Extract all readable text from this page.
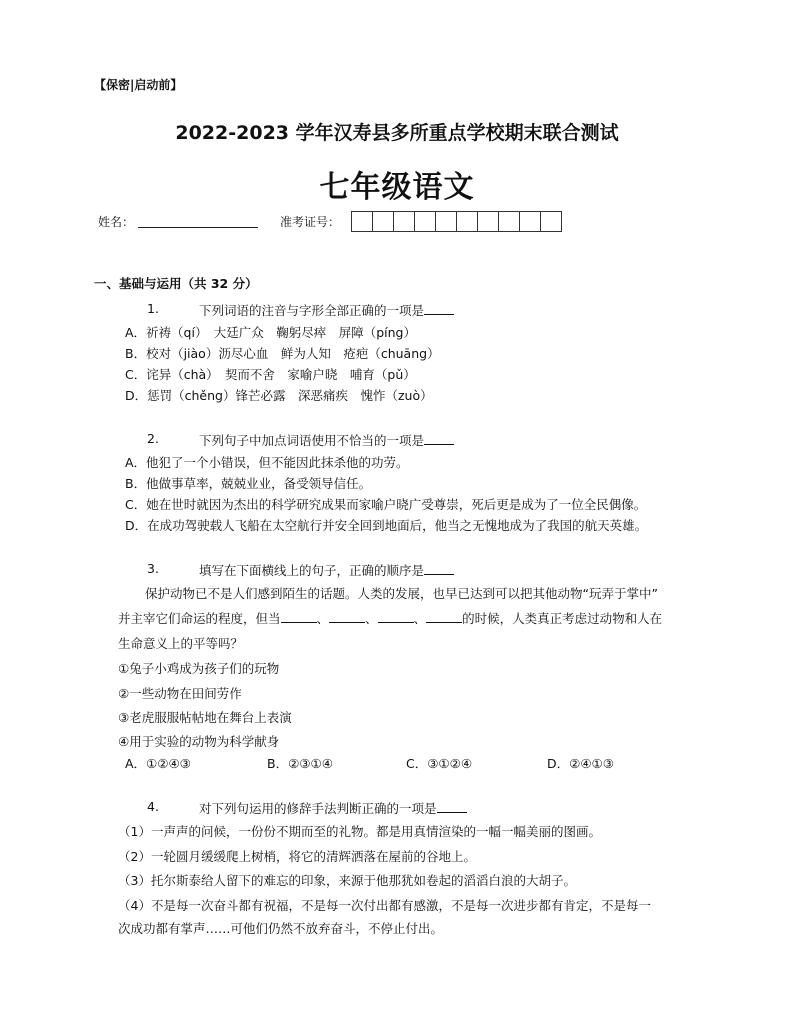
【保密|启动前】
2022-2023 学年汉寿县多所重点学校期末联合测试
七年级语文
姓名：	准考证号：
一、基础与运用（共 32 分）
1.	下列词语的注音与字形全部正确的一项是
A．祈祷（qí）　大廷广众　鞠躬尽瘁　屏障（píng）
B．校对（jiào）沥尽心血　鲜为人知　疮疤（chuāng）
C．诧异（chà）　契而不舍　家喻户晓　哺育（pǔ）
D．惩罚（chěng）锋芒必露　深恶痛疾　愧怍（zuò）
2.	下列句子中加点词语使用不恰当的一项是
A．他犯了一个小错误，但不能因此抹杀他的功劳。
B．他做事草率，兢兢业业，备受领导信任。
C．她在世时就因为杰出的科学研究成果而家喻户晓广受尊崇，死后更是成为了一位全民偶像。
D．在成功驾驶载人飞船在太空航行并安全回到地面后，他当之无愧地成为了我国的航天英雄。
3.	填写在下面横线上的句子，正确的顺序是
保护动物已不是人们感到陌生的话题。人类的发展，也早已达到可以把其他动物“玩弄于掌中”
并主宰它们命运的程度，但当	、	、	、	的时候，人类真正考虑过动物和人在
生命意义上的平等吗？
①兔子小鸡成为孩子们的玩物
②一些动物在田间劳作
③老虎服服帖帖地在舞台上表演
④用于实验的动物为科学献身
A．①②④③	B．②③①④	C．③①②④	D．②④①③
4.	对下列句运用的修辞手法判断正确的一项是
（1）一声声的问候，一份份不期而至的礼物。都是用真情渲染的一幅一幅美丽的图画。
（2）一轮圆月缓缓爬上树梢，将它的清辉洒落在屋前的谷地上。
（3）托尔斯泰给人留下的难忘的印象，来源于他那犹如卷起的滔滔白浪的大胡子。
（4）不是每一次奋斗都有祝福，不是每一次付出都有感激，不是每一次进步都有肯定，不是每一
次成功都有掌声……可他们仍然不放弃奋斗，不停止付出。
